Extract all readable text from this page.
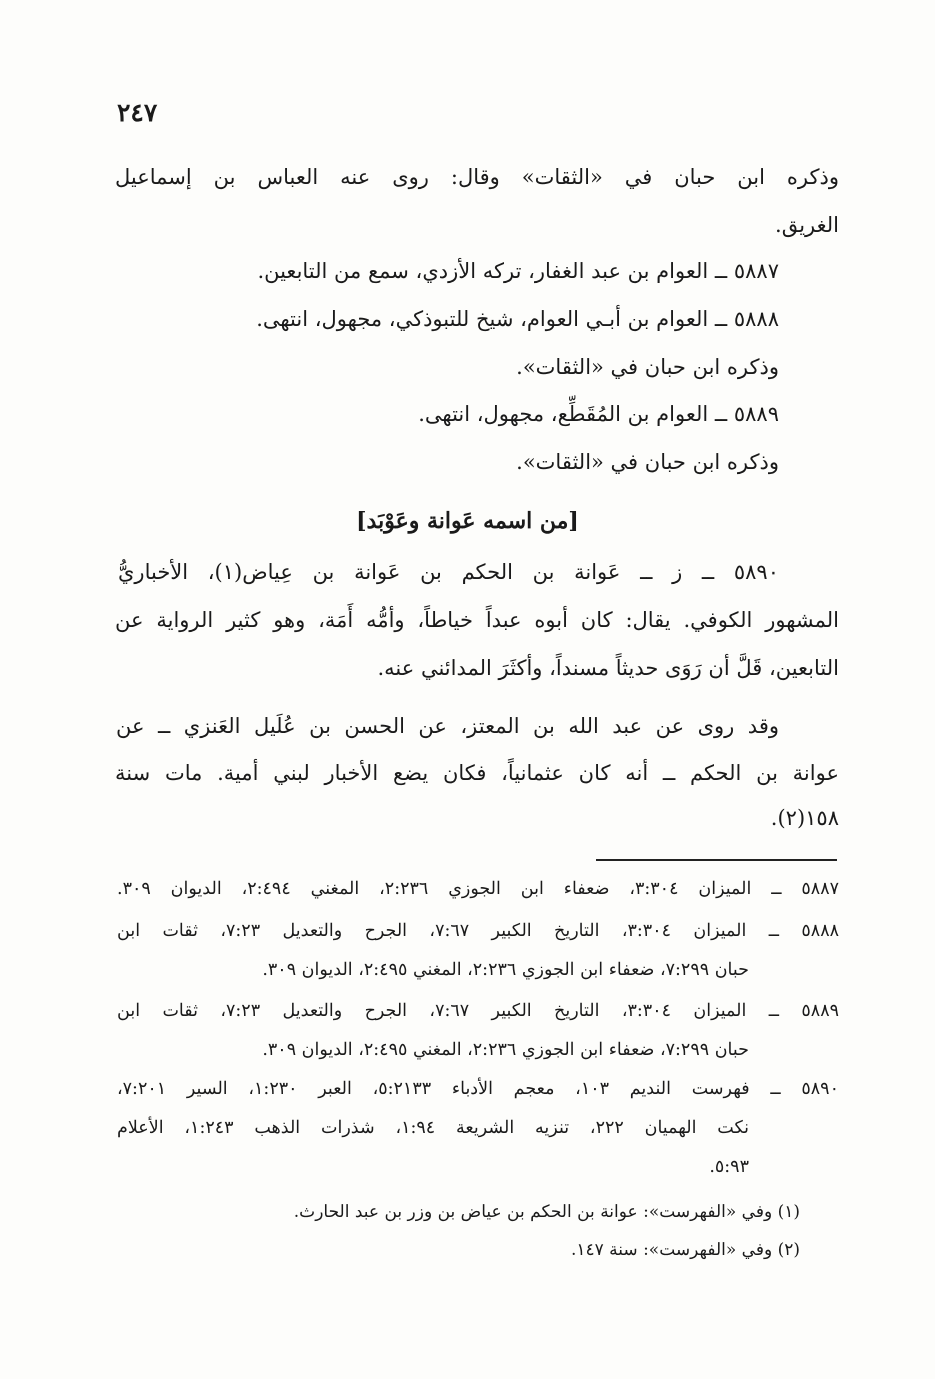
٢٤٧
وذكره ابن حبان في «الثقات» وقال: روى عنه العباس بن إسماعيل
الغريق.
٥٨٨٧ ــ العوام بن عبد الغفار، تركه الأزدي، سمع من التابعين.
٥٨٨٨ ــ العوام بن أبـي العوام، شيخ للتبوذكي، مجهول، انتهى.
وذكره ابن حبان في «الثقات».
٥٨٨٩ ــ العوام بن المُقَطِّع، مجهول، انتهى.
وذكره ابن حبان في «الثقات».
[من اسمه عَوانة وعَوْبَد]
٥٨٩٠ ــ ز ــ عَوانة بن الحكم بن عَوانة بن عِياض(١)، الأخباريُّ
المشهور الكوفي. يقال: كان أبوه عبداً خياطاً، وأمُّه أَمَة، وهو كثير الرواية عن
التابعين، قَلَّ أن رَوَى حديثاً مسنداً، وأكثَرَ المدائني عنه.
وقد روى عن عبد الله بن المعتز، عن الحسن بن عُلَيل العَنزي ــ عن
عوانة بن الحكم ــ أنه كان عثمانياً، فكان يضع الأخبار لبني أمية. مات سنة
١٥٨(٢).
٥٨٨٧ ــ الميزان ٣:٣٠٤، ضعفاء ابن الجوزي ٢:٢٣٦، المغني ٢:٤٩٤، الديوان ٣٠٩.
٥٨٨٨ ــ الميزان ٣:٣٠٤، التاريخ الكبير ٧:٦٧، الجرح والتعديل ٧:٢٣، ثقات ابن
حبان ٧:٢٩٩، ضعفاء ابن الجوزي ٢:٢٣٦، المغني ٢:٤٩٥، الديوان ٣٠٩.
٥٨٨٩ ــ الميزان ٣:٣٠٤، التاريخ الكبير ٧:٦٧، الجرح والتعديل ٧:٢٣، ثقات ابن
حبان ٧:٢٩٩، ضعفاء ابن الجوزي ٢:٢٣٦، المغني ٢:٤٩٥، الديوان ٣٠٩.
٥٨٩٠ ــ فهرست النديم ١٠٣، معجم الأدباء ٥:٢١٣٣، العبر ١:٢٣٠، السير ٧:٢٠١،
نكت الهميان ٢٢٢، تنزيه الشريعة ١:٩٤، شذرات الذهب ١:٢٤٣، الأعلام
٥:٩٣.
(١) وفي «الفهرست»: عوانة بن الحكم بن عياض بن وزر بن عبد الحارث.
(٢) وفي «الفهرست»: سنة ١٤٧.
